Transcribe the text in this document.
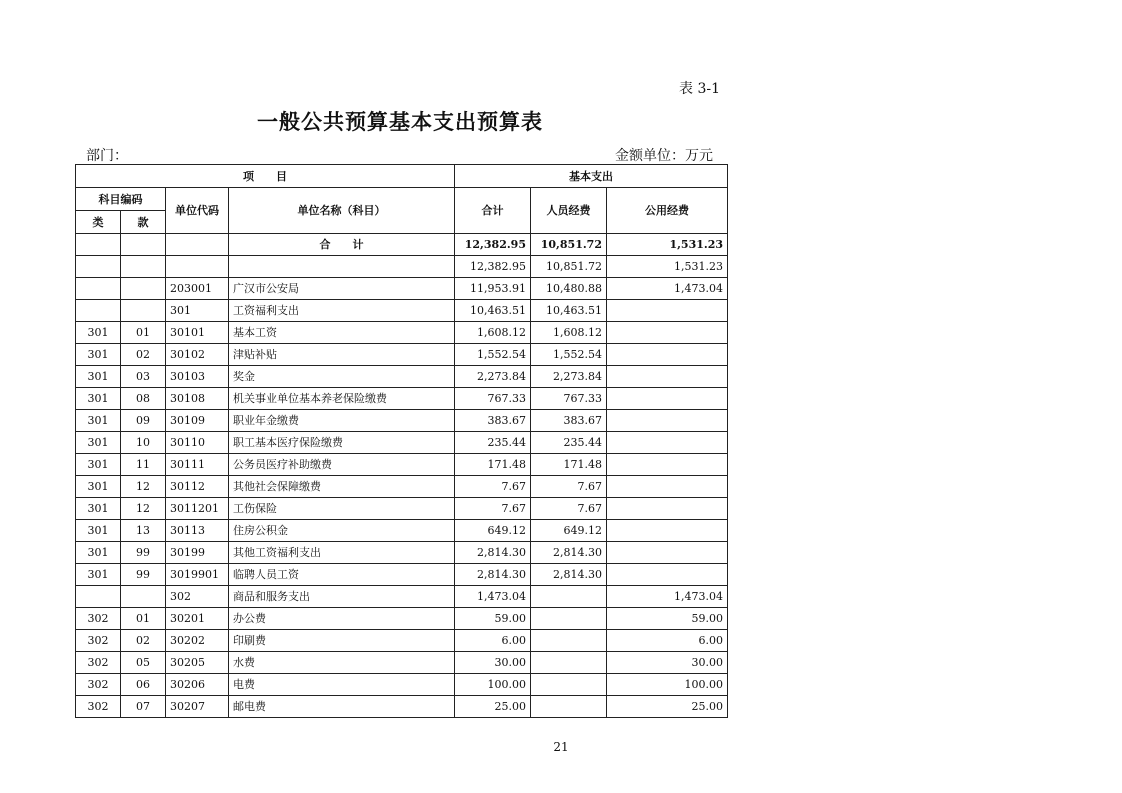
表 3-1
一般公共预算基本支出预算表
部门：	金额单位：万元
项　　目				基本支出		
科目编码		单位代码	单位名称（科目）	合计	人员经费	公用经费
类	款					
			合　　计	12,382.95	10,851.72	1,531.23
				12,382.95	10,851.72	1,531.23
		203001	广汉市公安局	11,953.91	10,480.88	1,473.04
		301	工资福利支出	10,463.51	10,463.51	
301	01	30101	基本工资	1,608.12	1,608.12	
301	02	30102	津贴补贴	1,552.54	1,552.54	
301	03	30103	奖金	2,273.84	2,273.84	
301	08	30108	机关事业单位基本养老保险缴费	767.33	767.33	
301	09	30109	职业年金缴费	383.67	383.67	
301	10	30110	职工基本医疗保险缴费	235.44	235.44	
301	11	30111	公务员医疗补助缴费	171.48	171.48	
301	12	30112	其他社会保障缴费	7.67	7.67	
301	12	3011201	工伤保险	7.67	7.67	
301	13	30113	住房公积金	649.12	649.12	
301	99	30199	其他工资福利支出	2,814.30	2,814.30	
301	99	3019901	临聘人员工资	2,814.30	2,814.30	
		302	商品和服务支出	1,473.04		1,473.04
302	01	30201	办公费	59.00		59.00
302	02	30202	印刷费	6.00		6.00
302	05	30205	水费	30.00		30.00
302	06	30206	电费	100.00		100.00
302	07	30207	邮电费	25.00		25.00
21
